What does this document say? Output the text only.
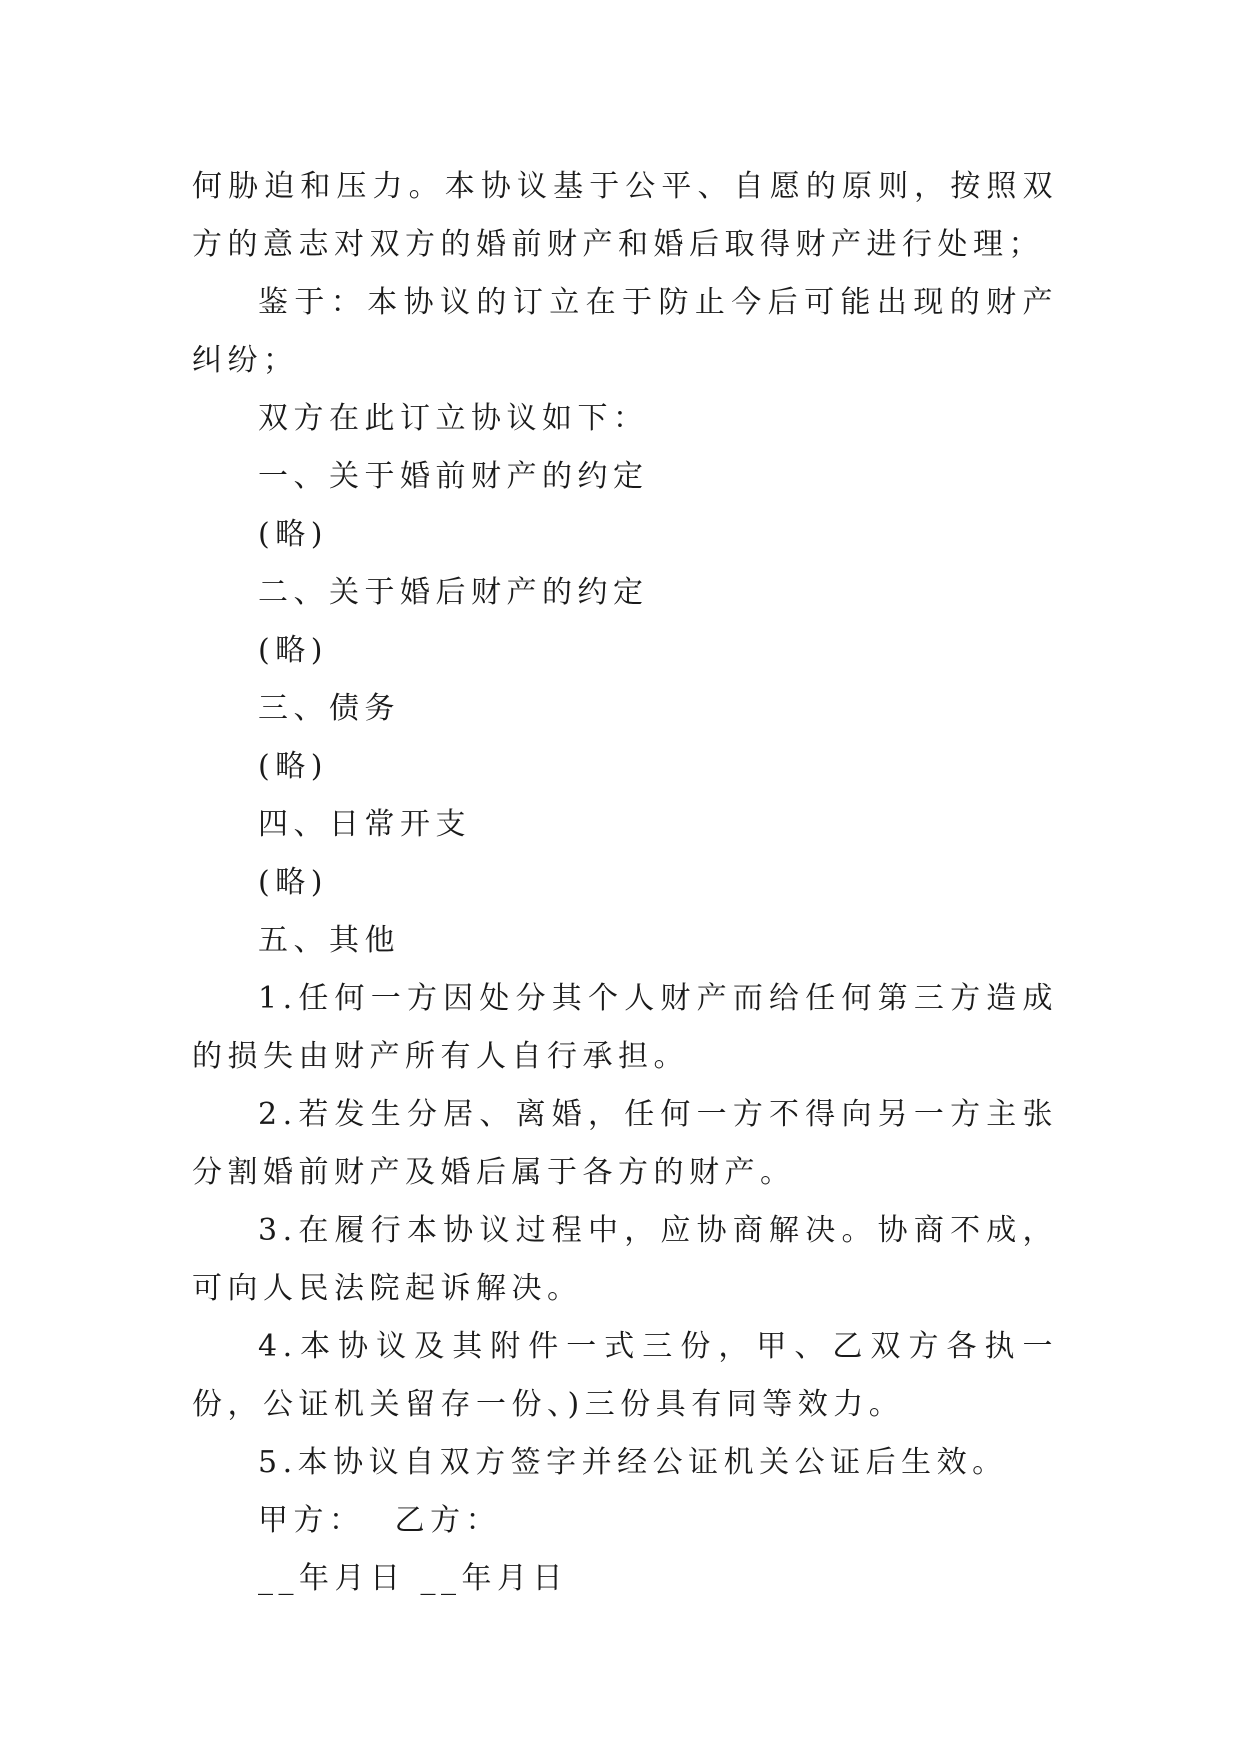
何胁迫和压力。本协议基于公平、自愿的原则，按照双方的意志对双方的婚前财产和婚后取得财产进行处理；

鉴于：本协议的订立在于防止今后可能出现的财产纠纷；

双方在此订立协议如下：

一、关于婚前财产的约定

(略)

二、关于婚后财产的约定

(略)

三、债务

(略)

四、日常开支

(略)

五、其他

1.任何一方因处分其个人财产而给任何第三方造成的损失由财产所有人自行承担。

2.若发生分居、离婚，任何一方不得向另一方主张分割婚前财产及婚后属于各方的财产。

3.在履行本协议过程中，应协商解决。协商不成，可向人民法院起诉解决。

4.本协议及其附件一式三份，甲、乙双方各执一份，公证机关留存一份、)三份具有同等效力。

5.本协议自双方签字并经公证机关公证后生效。

甲方：  乙方：

__年月日 __年月日
